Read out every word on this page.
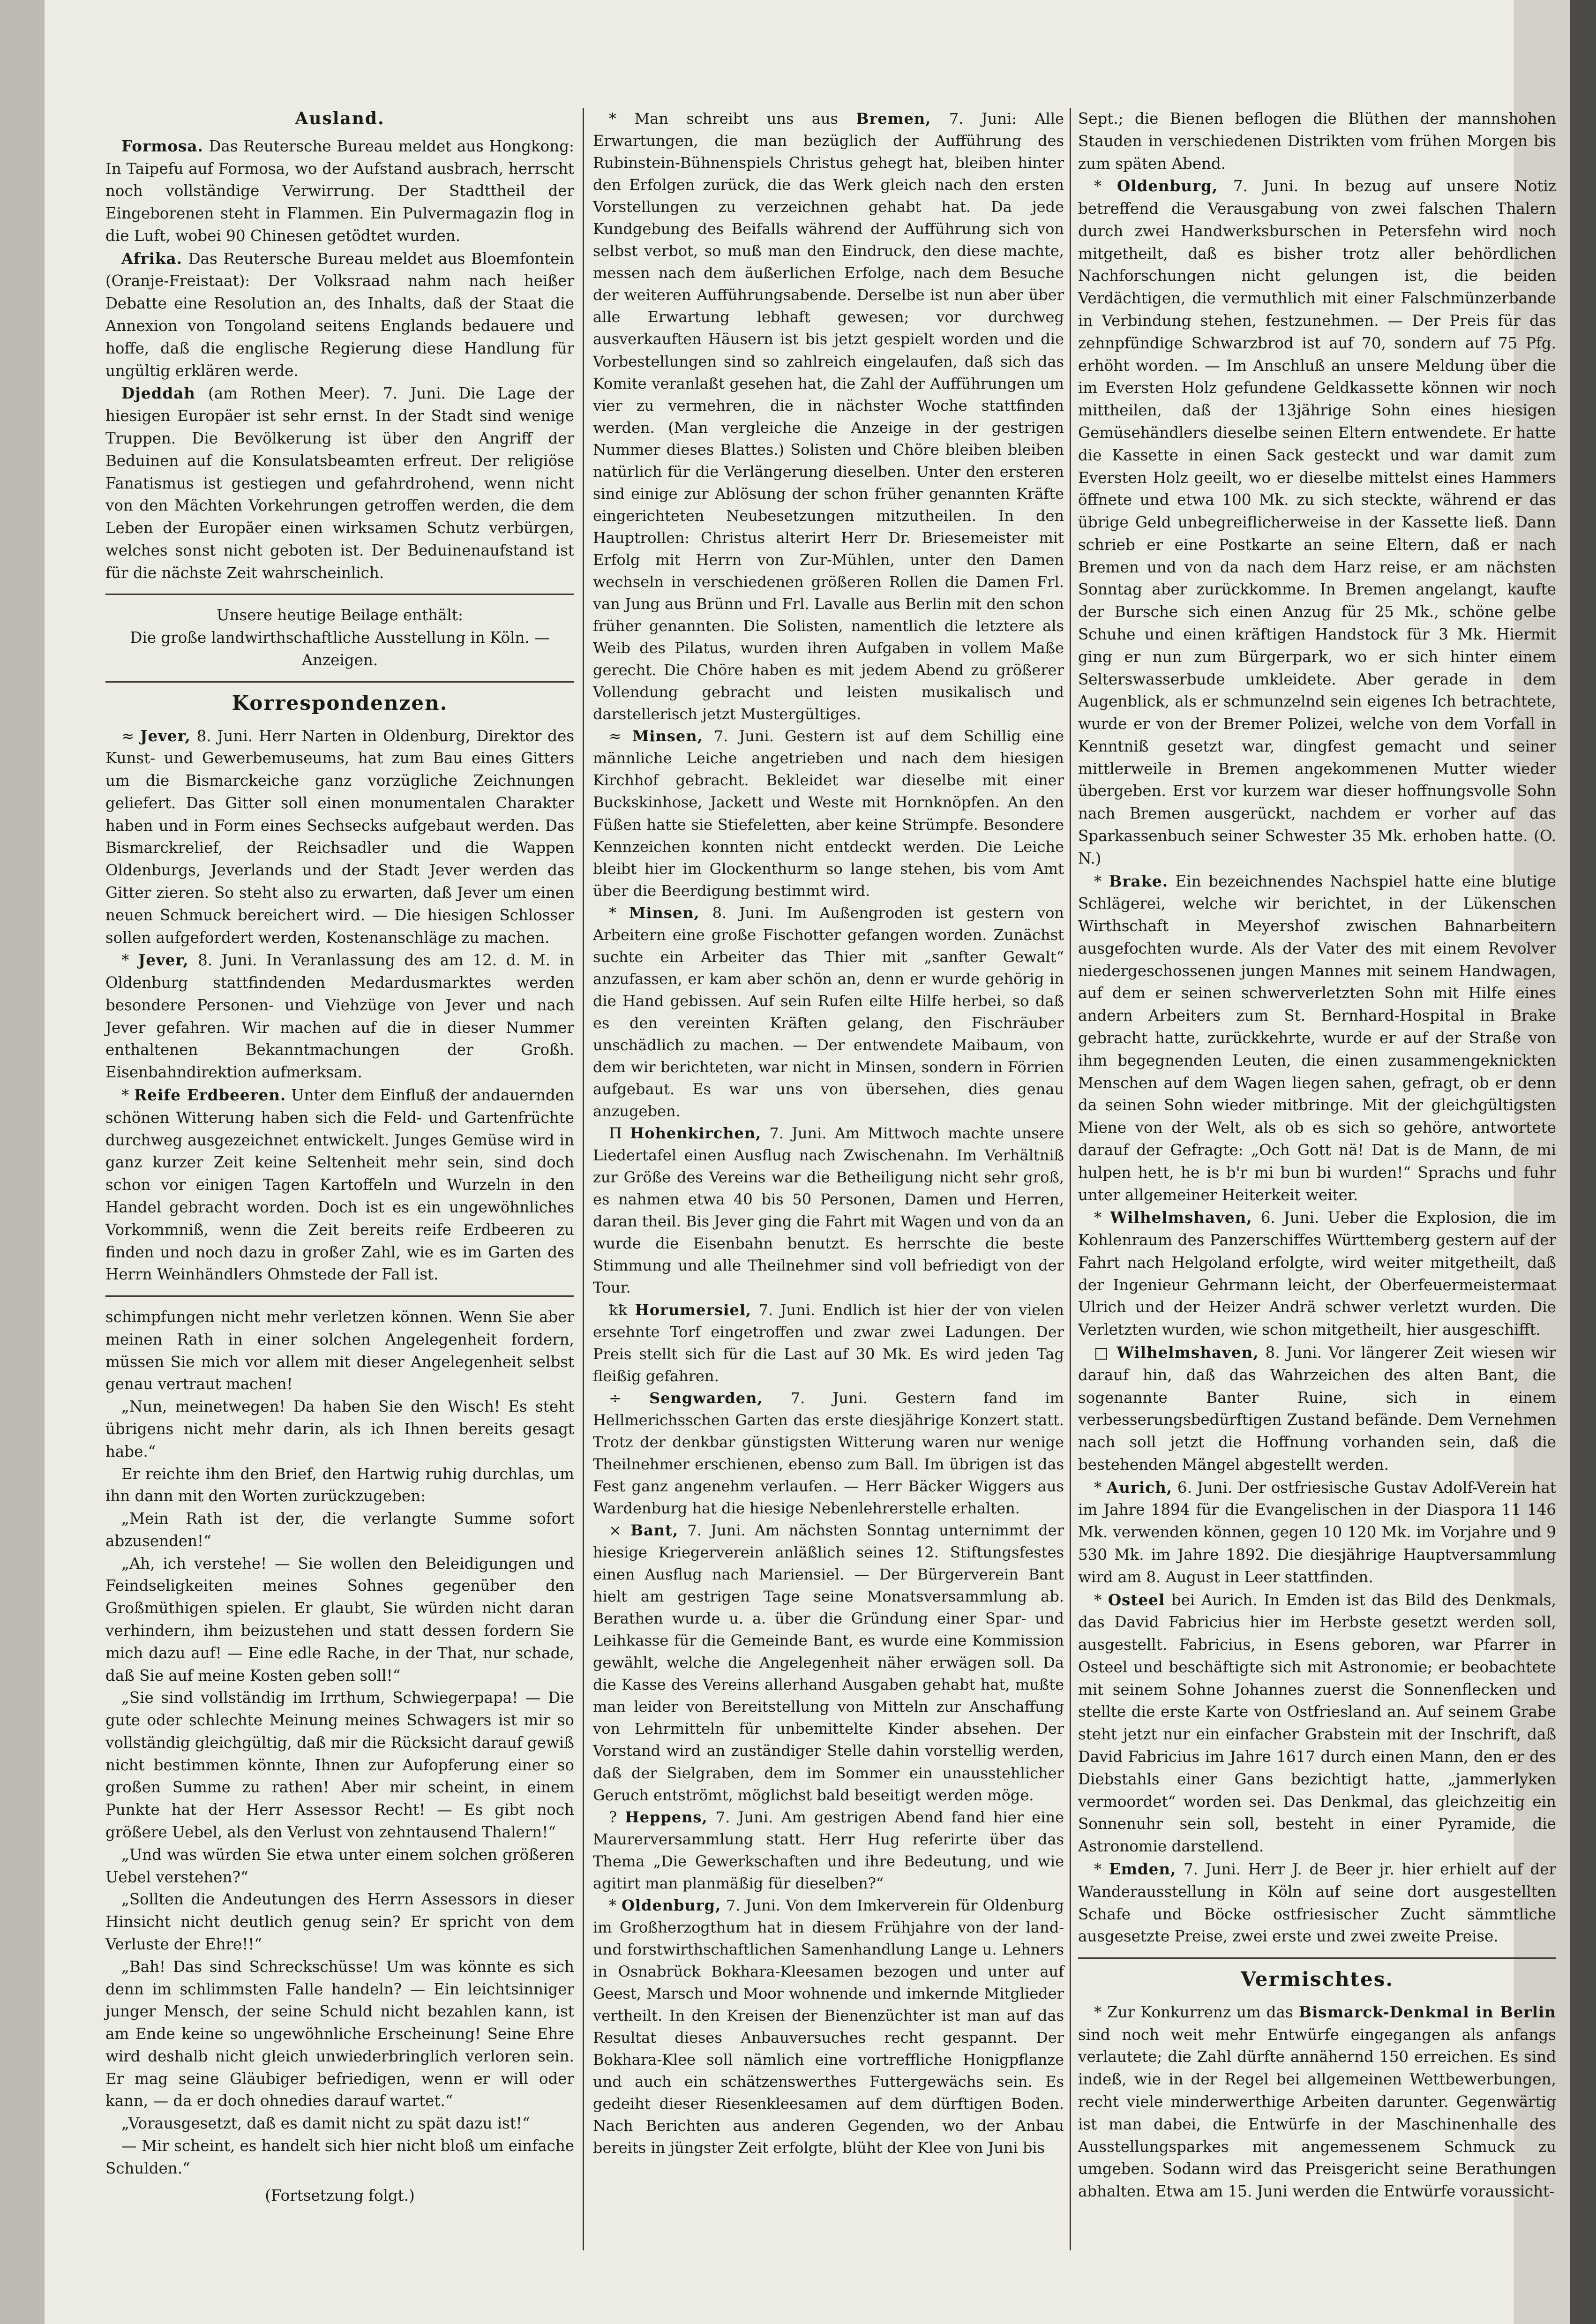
Ausland.

Formosa. Das Reutersche Bureau meldet aus Hongkong: In Taipefu auf Formosa, wo der Aufstand ausbrach, herrscht noch vollständige Verwirrung. Der Stadttheil der Eingeborenen steht in Flammen. Ein Pulvermagazin flog in die Luft, wobei 90 Chinesen getödtet wurden.

Afrika. Das Reutersche Bureau meldet aus Bloemfontein (Oranje-Freistaat): Der Volksraad nahm nach heißer Debatte eine Resolution an, des Inhalts, daß der Staat die Annexion von Tongoland seitens Englands bedauere und hoffe, daß die englische Regierung diese Handlung für ungültig erklären werde.

Djeddah (am Rothen Meer). 7. Juni. Die Lage der hiesigen Europäer ist sehr ernst. In der Stadt sind wenige Truppen. Die Bevölkerung ist über den Angriff der Beduinen auf die Konsulatsbeamten erfreut. Der religiöse Fanatismus ist gestiegen und gefahrdrohend, wenn nicht von den Mächten Vorkehrungen getroffen werden, die dem Leben der Europäer einen wirksamen Schutz verbürgen, welches sonst nicht geboten ist. Der Beduinenaufstand ist für die nächste Zeit wahrscheinlich.

Unsere heutige Beilage enthält:

Die große landwirthschaftliche Ausstellung in Köln. — Anzeigen.

Korrespondenzen.

≈ Jever, 8. Juni. Herr Narten in Oldenburg, Direktor des Kunst- und Gewerbemuseums, hat zum Bau eines Gitters um die Bismarckeiche ganz vorzügliche Zeichnungen geliefert. Das Gitter soll einen monumentalen Charakter haben und in Form eines Sechsecks aufgebaut werden. Das Bismarckrelief, der Reichsadler und die Wappen Oldenburgs, Jeverlands und der Stadt Jever werden das Gitter zieren. So steht also zu erwarten, daß Jever um einen neuen Schmuck bereichert wird. — Die hiesigen Schlosser sollen aufgefordert werden, Kostenanschläge zu machen.

* Jever, 8. Juni. In Veranlassung des am 12. d. M. in Oldenburg stattfindenden Medardusmarktes werden besondere Personen- und Viehzüge von Jever und nach Jever gefahren. Wir machen auf die in dieser Nummer enthaltenen Bekanntmachungen der Großh. Eisenbahndirektion aufmerksam.

* Reife Erdbeeren. Unter dem Einfluß der andauernden schönen Witterung haben sich die Feld- und Gartenfrüchte durchweg ausgezeichnet entwickelt. Junges Gemüse wird in ganz kurzer Zeit keine Seltenheit mehr sein, sind doch schon vor einigen Tagen Kartoffeln und Wurzeln in den Handel gebracht worden. Doch ist es ein ungewöhnliches Vorkommniß, wenn die Zeit bereits reife Erdbeeren zu finden und noch dazu in großer Zahl, wie es im Garten des Herrn Weinhändlers Ohmstede der Fall ist.

schimpfungen nicht mehr verletzen können. Wenn Sie aber meinen Rath in einer solchen Angelegenheit fordern, müssen Sie mich vor allem mit dieser Angelegenheit selbst genau vertraut machen!

„Nun, meinetwegen! Da haben Sie den Wisch! Es steht übrigens nicht mehr darin, als ich Ihnen bereits gesagt habe.“

Er reichte ihm den Brief, den Hartwig ruhig durchlas, um ihn dann mit den Worten zurückzugeben:

„Mein Rath ist der, die verlangte Summe sofort abzusenden!“

„Ah, ich verstehe! — Sie wollen den Beleidigungen und Feindseligkeiten meines Sohnes gegenüber den Großmüthigen spielen. Er glaubt, Sie würden nicht daran verhindern, ihm beizustehen und statt dessen fordern Sie mich dazu auf! — Eine edle Rache, in der That, nur schade, daß Sie auf meine Kosten geben soll!“

„Sie sind vollständig im Irrthum, Schwiegerpapa! — Die gute oder schlechte Meinung meines Schwagers ist mir so vollständig gleichgültig, daß mir die Rücksicht darauf gewiß nicht bestimmen könnte, Ihnen zur Aufopferung einer so großen Summe zu rathen! Aber mir scheint, in einem Punkte hat der Herr Assessor Recht! — Es gibt noch größere Uebel, als den Verlust von zehntausend Thalern!“

„Und was würden Sie etwa unter einem solchen größeren Uebel verstehen?“

„Sollten die Andeutungen des Herrn Assessors in dieser Hinsicht nicht deutlich genug sein? Er spricht von dem Verluste der Ehre!!“

„Bah! Das sind Schreckschüsse! Um was könnte es sich denn im schlimmsten Falle handeln? — Ein leichtsinniger junger Mensch, der seine Schuld nicht bezahlen kann, ist am Ende keine so ungewöhnliche Erscheinung! Seine Ehre wird deshalb nicht gleich unwiederbringlich verloren sein. Er mag seine Gläubiger befriedigen, wenn er will oder kann, — da er doch ohnedies darauf wartet.“

„Vorausgesetzt, daß es damit nicht zu spät dazu ist!“

— Mir scheint, es handelt sich hier nicht bloß um einfache Schulden.“

(Fortsetzung folgt.)

* Man schreibt uns aus Bremen, 7. Juni: Alle Erwartungen, die man bezüglich der Aufführung des Rubinstein-Bühnenspiels Christus gehegt hat, bleiben hinter den Erfolgen zurück, die das Werk gleich nach den ersten Vorstellungen zu verzeichnen gehabt hat. Da jede Kundgebung des Beifalls während der Aufführung sich von selbst verbot, so muß man den Eindruck, den diese machte, messen nach dem äußerlichen Erfolge, nach dem Besuche der weiteren Aufführungsabende. Derselbe ist nun aber über alle Erwartung lebhaft gewesen; vor durchweg ausverkauften Häusern ist bis jetzt gespielt worden und die Vorbestellungen sind so zahlreich eingelaufen, daß sich das Komite veranlaßt gesehen hat, die Zahl der Aufführungen um vier zu vermehren, die in nächster Woche stattfinden werden. (Man vergleiche die Anzeige in der gestrigen Nummer dieses Blattes.) Solisten und Chöre bleiben bleiben natürlich für die Verlängerung dieselben. Unter den ersteren sind einige zur Ablösung der schon früher genannten Kräfte eingerichteten Neubesetzungen mitzutheilen. In den Hauptrollen: Christus alterirt Herr Dr. Briesemeister mit Erfolg mit Herrn von Zur-Mühlen, unter den Damen wechseln in verschiedenen größeren Rollen die Damen Frl. van Jung aus Brünn und Frl. Lavalle aus Berlin mit den schon früher genannten. Die Solisten, namentlich die letztere als Weib des Pilatus, wurden ihren Aufgaben in vollem Maße gerecht. Die Chöre haben es mit jedem Abend zu größerer Vollendung gebracht und leisten musikalisch und darstellerisch jetzt Mustergültiges.

≈ Minsen, 7. Juni. Gestern ist auf dem Schillig eine männliche Leiche angetrieben und nach dem hiesigen Kirchhof gebracht. Bekleidet war dieselbe mit einer Buckskinhose, Jackett und Weste mit Hornknöpfen. An den Füßen hatte sie Stiefeletten, aber keine Strümpfe. Besondere Kennzeichen konnten nicht entdeckt werden. Die Leiche bleibt hier im Glockenthurm so lange stehen, bis vom Amt über die Beerdigung bestimmt wird.

* Minsen, 8. Juni. Im Außengroden ist gestern von Arbeitern eine große Fischotter gefangen worden. Zunächst suchte ein Arbeiter das Thier mit „sanfter Gewalt“ anzufassen, er kam aber schön an, denn er wurde gehörig in die Hand gebissen. Auf sein Rufen eilte Hilfe herbei, so daß es den vereinten Kräften gelang, den Fischräuber unschädlich zu machen. — Der entwendete Maibaum, von dem wir berichteten, war nicht in Minsen, sondern in Förrien aufgebaut. Es war uns von übersehen, dies genau anzugeben.

Π Hohenkirchen, 7. Juni. Am Mittwoch machte unsere Liedertafel einen Ausflug nach Zwischenahn. Im Verhältniß zur Größe des Vereins war die Betheiligung nicht sehr groß, es nahmen etwa 40 bis 50 Personen, Damen und Herren, daran theil. Bis Jever ging die Fahrt mit Wagen und von da an wurde die Eisenbahn benutzt. Es herrschte die beste Stimmung und alle Theilnehmer sind voll befriedigt von der Tour.

ꝁꝁ Horumersiel, 7. Juni. Endlich ist hier der von vielen ersehnte Torf eingetroffen und zwar zwei Ladungen. Der Preis stellt sich für die Last auf 30 Mk. Es wird jeden Tag fleißig gefahren.

÷ Sengwarden, 7. Juni. Gestern fand im Hellmerichsschen Garten das erste diesjährige Konzert statt. Trotz der denkbar günstigsten Witterung waren nur wenige Theilnehmer erschienen, ebenso zum Ball. Im übrigen ist das Fest ganz angenehm verlaufen. — Herr Bäcker Wiggers aus Wardenburg hat die hiesige Nebenlehrerstelle erhalten.

× Bant, 7. Juni. Am nächsten Sonntag unternimmt der hiesige Kriegerverein anläßlich seines 12. Stiftungsfestes einen Ausflug nach Mariensiel. — Der Bürgerverein Bant hielt am gestrigen Tage seine Monatsversammlung ab. Berathen wurde u. a. über die Gründung einer Spar- und Leihkasse für die Gemeinde Bant, es wurde eine Kommission gewählt, welche die Angelegenheit näher erwägen soll. Da die Kasse des Vereins allerhand Ausgaben gehabt hat, mußte man leider von Bereitstellung von Mitteln zur Anschaffung von Lehrmitteln für unbemittelte Kinder absehen. Der Vorstand wird an zuständiger Stelle dahin vorstellig werden, daß der Sielgraben, dem im Sommer ein unausstehlicher Geruch entströmt, möglichst bald beseitigt werden möge.

? Heppens, 7. Juni. Am gestrigen Abend fand hier eine Maurerversammlung statt. Herr Hug referirte über das Thema „Die Gewerkschaften und ihre Bedeutung, und wie agitirt man planmäßig für dieselben?“

* Oldenburg, 7. Juni. Von dem Imkerverein für Oldenburg im Großherzogthum hat in diesem Frühjahre von der land- und forstwirthschaftlichen Samenhandlung Lange u. Lehners in Osnabrück Bokhara-Kleesamen bezogen und unter auf Geest, Marsch und Moor wohnende und imkernde Mitglieder vertheilt. In den Kreisen der Bienenzüchter ist man auf das Resultat dieses Anbauversuches recht gespannt. Der Bokhara-Klee soll nämlich eine vortreffliche Honigpflanze und auch ein schätzenswerthes Futtergewächs sein. Es gedeiht dieser Riesenkleesamen auf dem dürftigen Boden. Nach Berichten aus anderen Gegenden, wo der Anbau bereits in jüngster Zeit erfolgte, blüht der Klee von Juni bis

Sept.; die Bienen beflogen die Blüthen der mannshohen Stauden in verschiedenen Distrikten vom frühen Morgen bis zum späten Abend.

* Oldenburg, 7. Juni. In bezug auf unsere Notiz betreffend die Verausgabung von zwei falschen Thalern durch zwei Handwerksburschen in Petersfehn wird noch mitgetheilt, daß es bisher trotz aller behördlichen Nachforschungen nicht gelungen ist, die beiden Verdächtigen, die vermuthlich mit einer Falschmünzerbande in Verbindung stehen, festzunehmen. — Der Preis für das zehnpfündige Schwarzbrod ist auf 70, sondern auf 75 Pfg. erhöht worden. — Im Anschluß an unsere Meldung über die im Eversten Holz gefundene Geldkassette können wir noch mittheilen, daß der 13jährige Sohn eines hiesigen Gemüsehändlers dieselbe seinen Eltern entwendete. Er hatte die Kassette in einen Sack gesteckt und war damit zum Eversten Holz geeilt, wo er dieselbe mittelst eines Hammers öffnete und etwa 100 Mk. zu sich steckte, während er das übrige Geld unbegreiflicherweise in der Kassette ließ. Dann schrieb er eine Postkarte an seine Eltern, daß er nach Bremen und von da nach dem Harz reise, er am nächsten Sonntag aber zurückkomme. In Bremen angelangt, kaufte der Bursche sich einen Anzug für 25 Mk., schöne gelbe Schuhe und einen kräftigen Handstock für 3 Mk. Hiermit ging er nun zum Bürgerpark, wo er sich hinter einem Selterswasserbude umkleidete. Aber gerade in dem Augenblick, als er schmunzelnd sein eigenes Ich betrachtete, wurde er von der Bremer Polizei, welche von dem Vorfall in Kenntniß gesetzt war, dingfest gemacht und seiner mittlerweile in Bremen angekommenen Mutter wieder übergeben. Erst vor kurzem war dieser hoffnungsvolle Sohn nach Bremen ausgerückt, nachdem er vorher auf das Sparkassenbuch seiner Schwester 35 Mk. erhoben hatte. (O. N.)

* Brake. Ein bezeichnendes Nachspiel hatte eine blutige Schlägerei, welche wir berichtet, in der Lükenschen Wirthschaft in Meyershof zwischen Bahnarbeitern ausgefochten wurde. Als der Vater des mit einem Revolver niedergeschossenen jungen Mannes mit seinem Handwagen, auf dem er seinen schwerverletzten Sohn mit Hilfe eines andern Arbeiters zum St. Bernhard-Hospital in Brake gebracht hatte, zurückkehrte, wurde er auf der Straße von ihm begegnenden Leuten, die einen zusammengeknickten Menschen auf dem Wagen liegen sahen, gefragt, ob er denn da seinen Sohn wieder mitbringe. Mit der gleichgültigsten Miene von der Welt, als ob es sich so gehöre, antwortete darauf der Gefragte: „Och Gott nä! Dat is de Mann, de mi hulpen hett, he is b'r mi bun bi wurden!“ Sprachs und fuhr unter allgemeiner Heiterkeit weiter.

* Wilhelmshaven, 6. Juni. Ueber die Explosion, die im Kohlenraum des Panzerschiffes Württemberg gestern auf der Fahrt nach Helgoland erfolgte, wird weiter mitgetheilt, daß der Ingenieur Gehrmann leicht, der Oberfeuermeistermaat Ulrich und der Heizer Andrä schwer verletzt wurden. Die Verletzten wurden, wie schon mitgetheilt, hier ausgeschifft.

□ Wilhelmshaven, 8. Juni. Vor längerer Zeit wiesen wir darauf hin, daß das Wahrzeichen des alten Bant, die sogenannte Banter Ruine, sich in einem verbesserungsbedürftigen Zustand befände. Dem Vernehmen nach soll jetzt die Hoffnung vorhanden sein, daß die bestehenden Mängel abgestellt werden.

* Aurich, 6. Juni. Der ostfriesische Gustav Adolf-Verein hat im Jahre 1894 für die Evangelischen in der Diaspora 11 146 Mk. verwenden können, gegen 10 120 Mk. im Vorjahre und 9 530 Mk. im Jahre 1892. Die diesjährige Hauptversammlung wird am 8. August in Leer stattfinden.

* Osteel bei Aurich. In Emden ist das Bild des Denkmals, das David Fabricius hier im Herbste gesetzt werden soll, ausgestellt. Fabricius, in Esens geboren, war Pfarrer in Osteel und beschäftigte sich mit Astronomie; er beobachtete mit seinem Sohne Johannes zuerst die Sonnenflecken und stellte die erste Karte von Ostfriesland an. Auf seinem Grabe steht jetzt nur ein einfacher Grabstein mit der Inschrift, daß David Fabricius im Jahre 1617 durch einen Mann, den er des Diebstahls einer Gans bezichtigt hatte, „jammerlyken vermoordet“ worden sei. Das Denkmal, das gleichzeitig ein Sonnenuhr sein soll, besteht in einer Pyramide, die Astronomie darstellend.

* Emden, 7. Juni. Herr J. de Beer jr. hier erhielt auf der Wanderausstellung in Köln auf seine dort ausgestellten Schafe und Böcke ostfriesischer Zucht sämmtliche ausgesetzte Preise, zwei erste und zwei zweite Preise.

Vermischtes.

* Zur Konkurrenz um das Bismarck-Denkmal in Berlin sind noch weit mehr Entwürfe eingegangen als anfangs verlautete; die Zahl dürfte annähernd 150 erreichen. Es sind indeß, wie in der Regel bei allgemeinen Wettbewerbungen, recht viele minderwerthige Arbeiten darunter. Gegenwärtig ist man dabei, die Entwürfe in der Maschinenhalle des Ausstellungsparkes mit angemessenem Schmuck zu umgeben. Sodann wird das Preisgericht seine Berathungen abhalten. Etwa am 15. Juni werden die Entwürfe voraussicht-
